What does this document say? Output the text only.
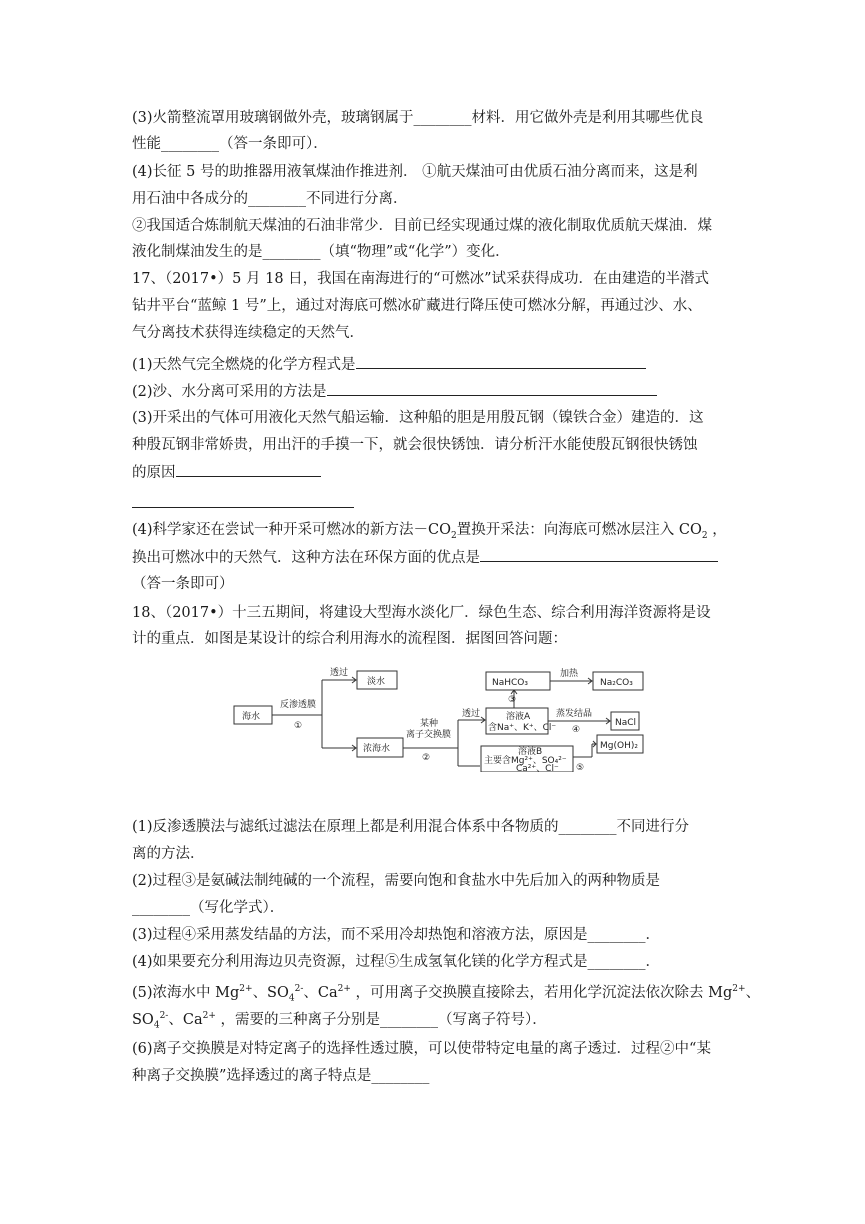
(3)火箭整流罩用玻璃钢做外壳，玻璃钢属于________材料．用它做外壳是利用其哪些优良
性能________（答一条即可）．
(4)长征 5 号的助推器用液氧煤油作推进剂． ①航天煤油可由优质石油分离而来，这是利
用石油中各成分的________不同进行分离．
②我国适合炼制航天煤油的石油非常少．目前已经实现通过煤的液化制取优质航天煤油．煤
液化制煤油发生的是________（填“物理”或“化学”）变化．
17、（2017•）5 月 18 日，我国在南海进行的“可燃冰”试采获得成功．在由建造的半潜式
钻井平台“蓝鲸 1 号”上，通过对海底可燃冰矿藏进行降压使可燃冰分解，再通过沙、水、
气分离技术获得连续稳定的天然气．
(1)天然气完全燃烧的化学方程式是
(2)沙、水分离可采用的方法是
(3)开采出的气体可用液化天然气船运输．这种船的胆是用殷瓦钢（镍铁合金）建造的．这
种殷瓦钢非常娇贵，用出汗的手摸一下，就会很快锈蚀．请分析汗水能使殷瓦钢很快锈蚀
的原因
(4)科学家还在尝试一种开采可燃冰的新方法$-CO_2$置换开采法：向海底可燃冰层注入 $CO_2$ ，
换出可燃冰中的天然气．这种方法在环保方面的优点是
（答一条即可）
18、（2017•）十三五期间，将建设大型海水淡化厂．绿色生态、综合利用海洋资源将是设
计的重点．如图是某设计的综合利用海水的流程图．据图回答问题：
海水
反渗透膜
①
透过
淡水
浓海水
某种
离子交换膜
②
透过	溶液A
含Na⁺、K⁺、Cl⁻
③
NaHCO₃
加热
Na₂CO₃
蒸发结晶
④
NaCl
溶液B
主要含Mg²⁺、SO₄²⁻
Ca²⁺、Cl⁻ ⑤
Mg(OH)₂
(1)反渗透膜法与滤纸过滤法在原理上都是利用混合体系中各物质的________不同进行分
离的方法．
(2)过程③是氨碱法制纯碱的一个流程，需要向饱和食盐水中先后加入的两种物质是
________（写化学式）．
(3)过程④采用蒸发结晶的方法，而不采用冷却热饱和溶液方法，原因是________．
(4)如果要充分利用海边贝壳资源，过程⑤生成氢氧化镁的化学方程式是________．
(5)浓海水中 $Mg^{2+}$、$SO_4^{2-}$、$Ca^{2+}$ ，可用离子交换膜直接除去，若用化学沉淀法依次除去 $Mg^{2+}$、
$SO_4^{2-}$、$Ca^{2+}$ ，需要的三种离子分别是________（写离子符号）．
(6)离子交换膜是对特定离子的选择性透过膜，可以使带特定电量的离子透过．过程②中“某
种离子交换膜”选择透过的离子特点是________
